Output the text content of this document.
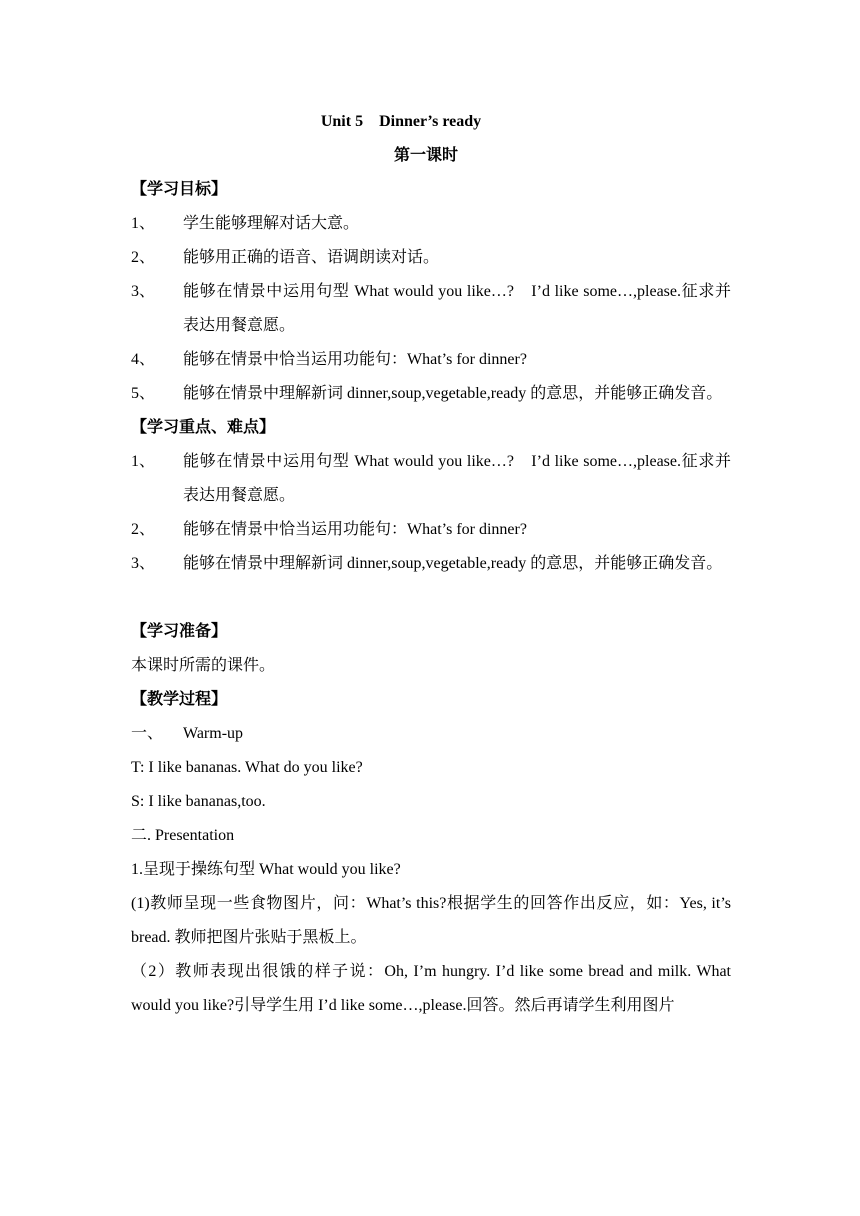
Unit 5　Dinner’s ready
第一课时
【学习目标】
1、	学生能够理解对话大意。
2、	能够用正确的语音、语调朗读对话。
3、	能够在情景中运用句型 What would you like…?　I’d like some…,please.征求并表达用餐意愿。
4、	能够在情景中恰当运用功能句：What’s for dinner?
5、	能够在情景中理解新词 dinner,soup,vegetable,ready 的意思，并能够正确发音。
【学习重点、难点】
1、	能够在情景中运用句型 What would you like…?　I’d like some…,please.征求并表达用餐意愿。
2、	能够在情景中恰当运用功能句：What’s for dinner?
3、	能够在情景中理解新词 dinner,soup,vegetable,ready 的意思，并能够正确发音。
【学习准备】
本课时所需的课件。
【教学过程】
一、 Warm-up
T: I like bananas. What do you like?
S: I like bananas,too.
二. Presentation
1.呈现于操练句型 What would you like?
(1)教师呈现一些食物图片，问：What’s this?根据学生的回答作出反应，如：Yes, it’s bread. 教师把图片张贴于黑板上。
（2）教师表现出很饿的样子说：Oh, I’m hungry. I’d like some bread and milk. What would you like?引导学生用 I’d like some…,please.回答。然后再请学生利用图片
